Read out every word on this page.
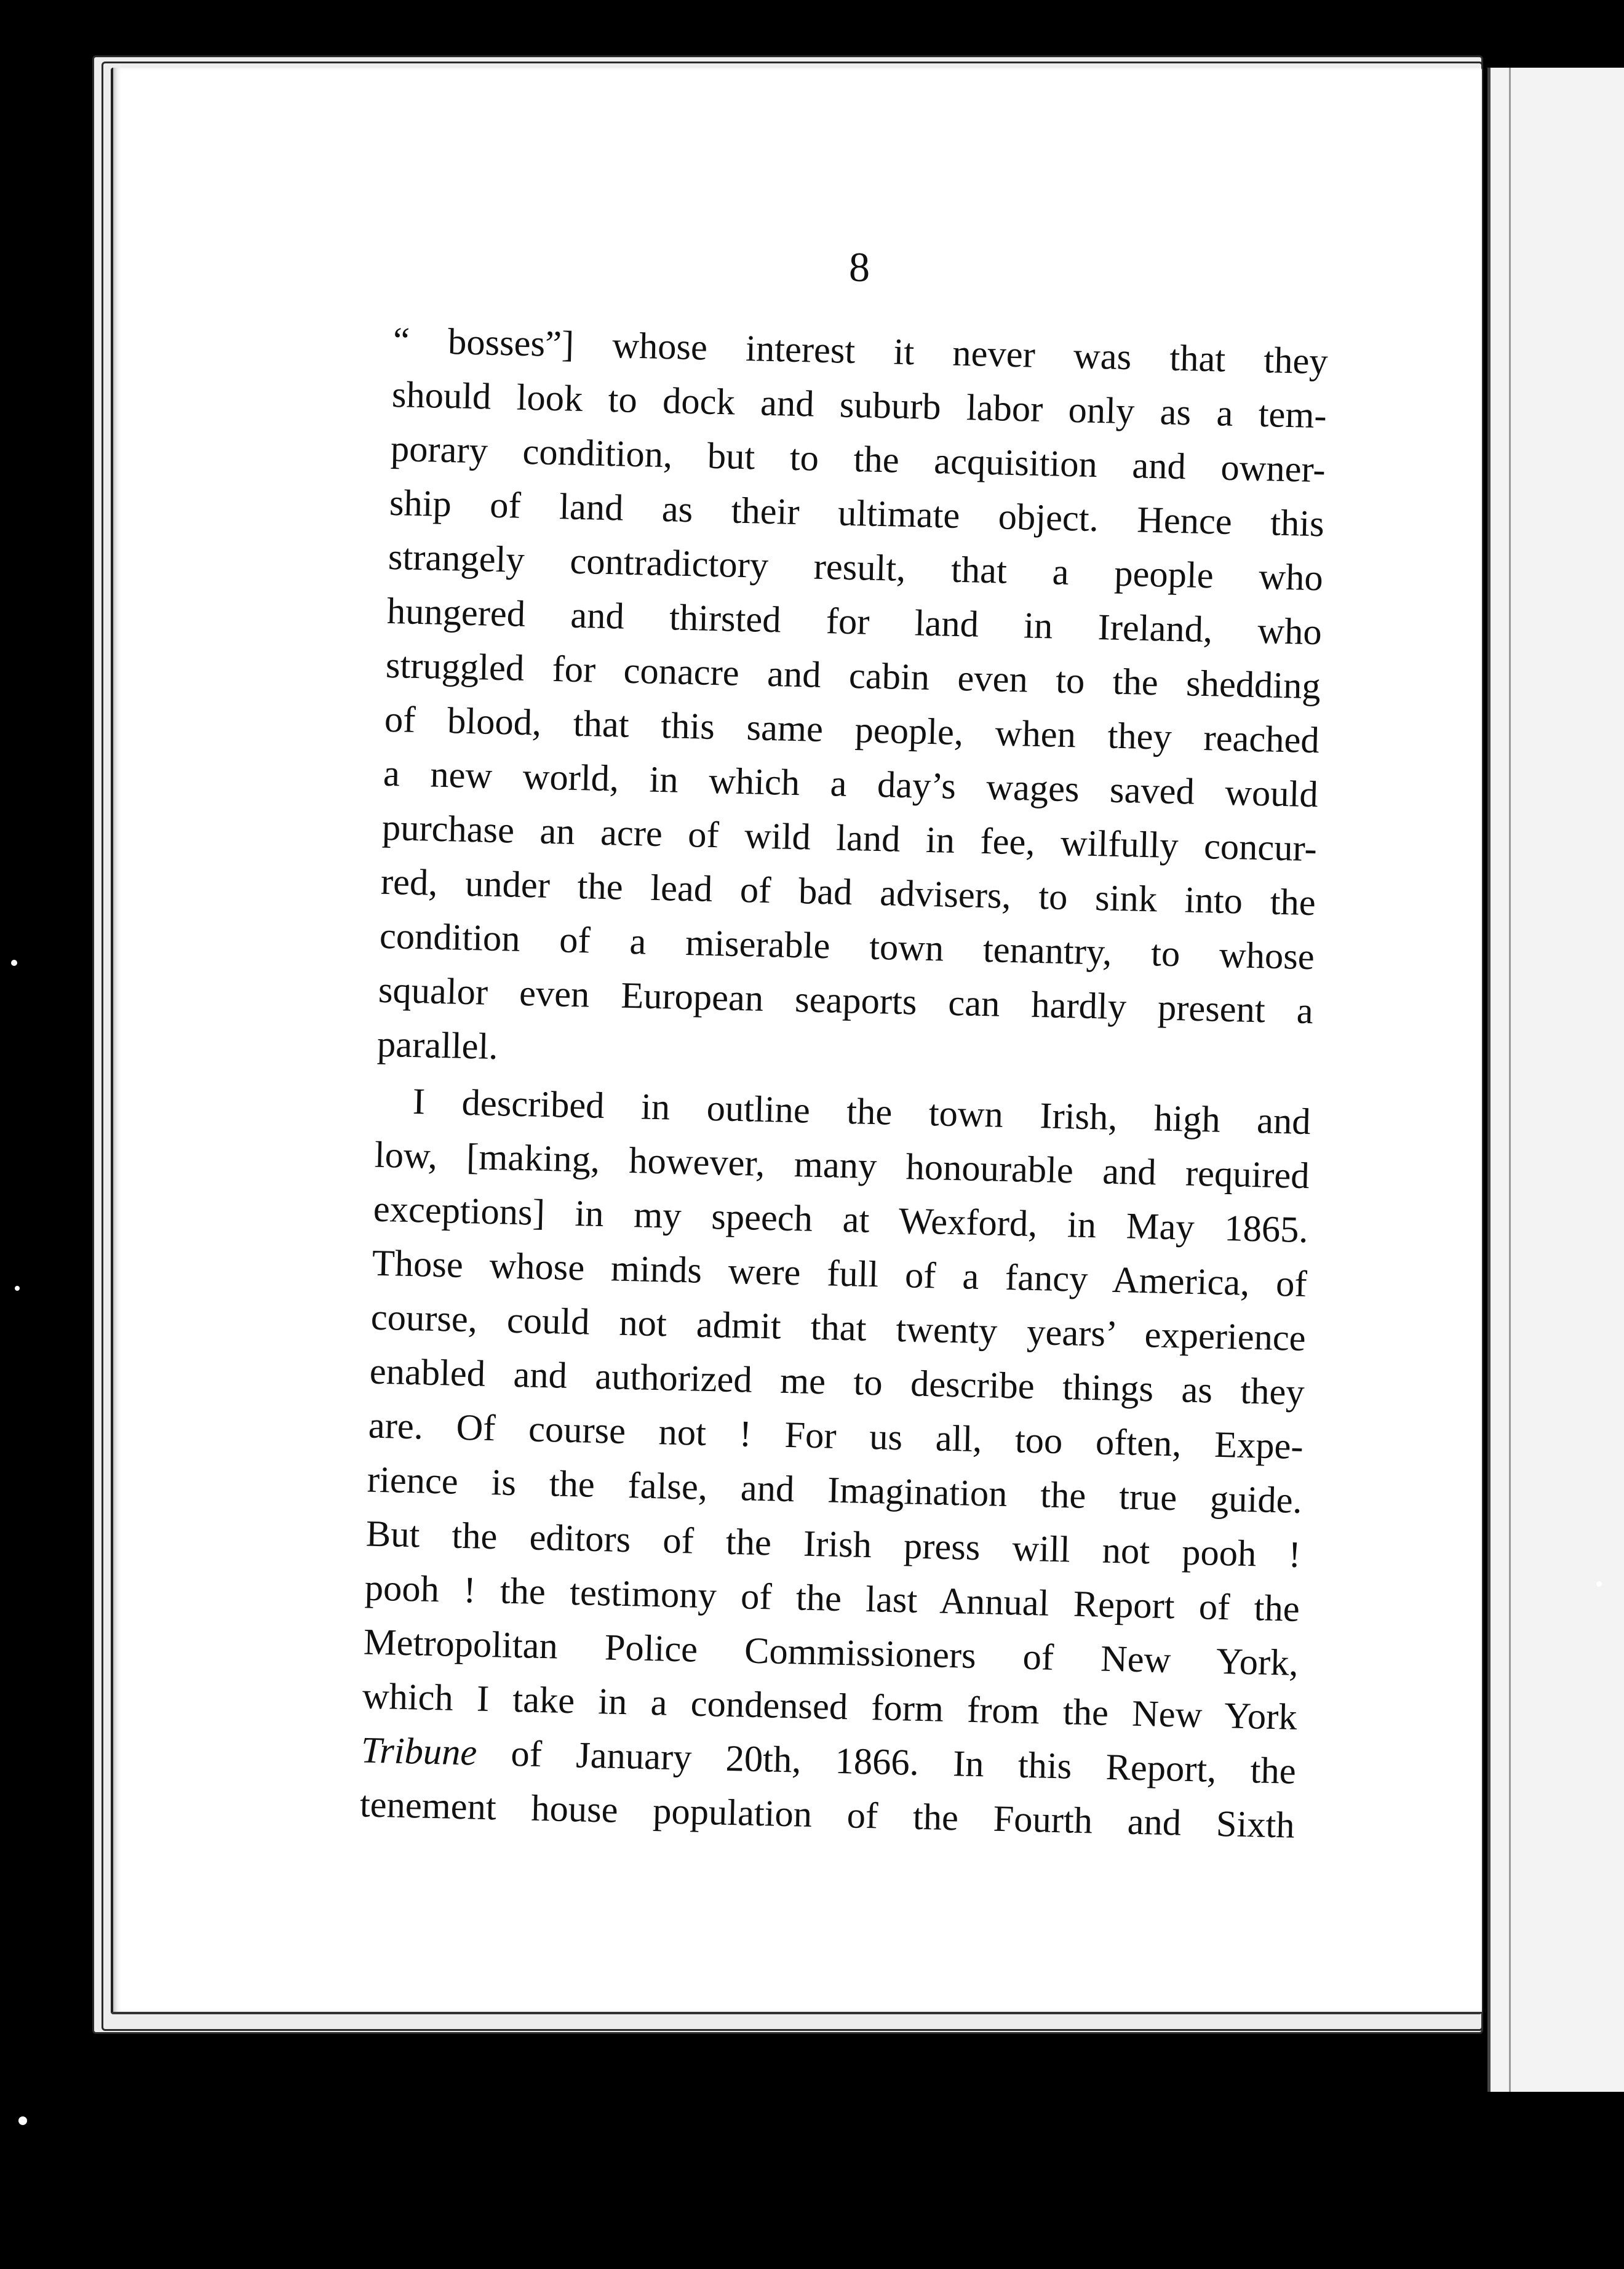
8
“ bosses”] whose interest it never was that they
should look to dock and suburb labor only as a tem-
porary condition, but to the acquisition and owner-
ship of land as their ultimate object. Hence this
strangely contradictory result, that a people who
hungered and thirsted for land in Ireland, who
struggled for conacre and cabin even to the shedding
of blood, that this same people, when they reached
a new world, in which a day’s wages saved would
purchase an acre of wild land in fee, wilfully concur-
red, under the lead of bad advisers, to sink into the
condition of a miserable town tenantry, to whose
squalor even European seaports can hardly present a
parallel.
I described in outline the town Irish, high and
low, [making, however, many honourable and required
exceptions] in my speech at Wexford, in May 1865.
Those whose minds were full of a fancy America, of
course, could not admit that twenty years’ experience
enabled and authorized me to describe things as they
are. Of course not ! For us all, too often, Expe-
rience is the false, and Imagination the true guide.
But the editors of the Irish press will not pooh !
pooh ! the testimony of the last Annual Report of the
Metropolitan Police Commissioners of New York,
which I take in a condensed form from the New York
Tribune of January 20th, 1866. In this Report, the
tenement house population of the Fourth and Sixth
